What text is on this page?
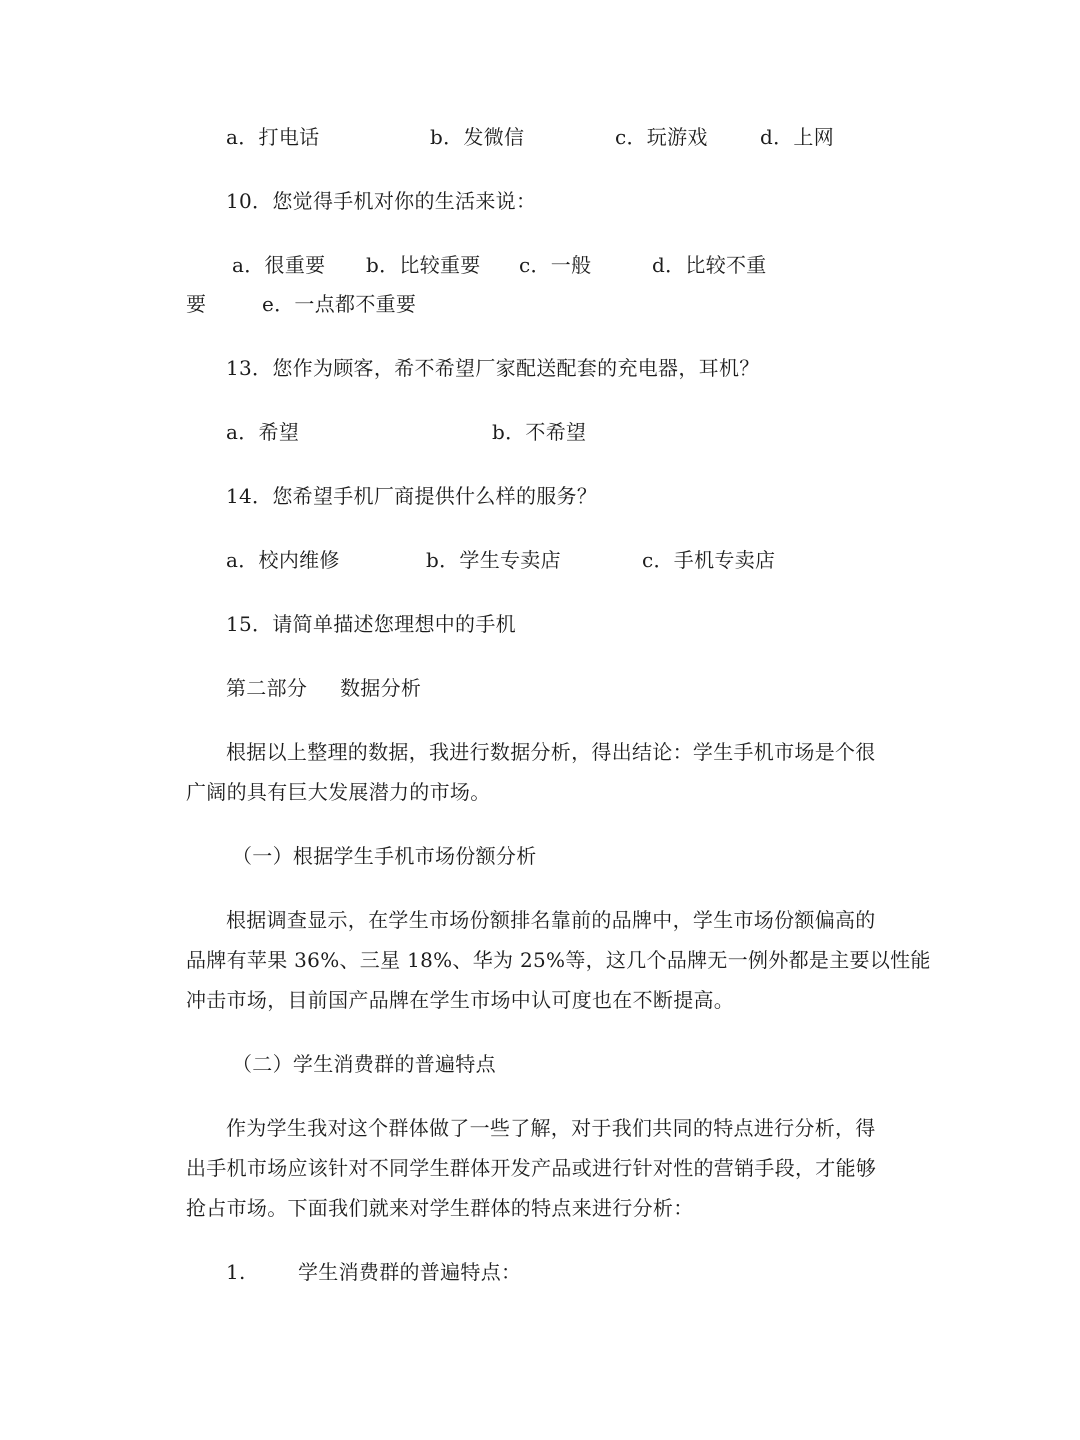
a．打电话	b．发微信	c．玩游戏	d．上网
10．您觉得手机对你的生活来说：
a．很重要 b．比较重要 c．一般	d．比较不重
要	e．一点都不重要
13．您作为顾客，希不希望厂家配送配套的充电器，耳机？
a．希望	b．不希望
14．您希望手机厂商提供什么样的服务？
a．校内维修	b．学生专卖店	c．手机专卖店
15．请简单描述您理想中的手机
第二部分 数据分析
根据以上整理的数据，我进行数据分析，得出结论：学生手机市场是个很
广阔的具有巨大发展潜力的市场。
（一）根据学生手机市场份额分析
根据调查显示，在学生市场份额排名靠前的品牌中，学生市场份额偏高的
品牌有苹果 36%、三星 18%、华为 25%等，这几个品牌无一例外都是主要以性能
冲击市场，目前国产品牌在学生市场中认可度也在不断提高。
（二）学生消费群的普遍特点
作为学生我对这个群体做了一些了解，对于我们共同的特点进行分析，得
出手机市场应该针对不同学生群体开发产品或进行针对性的营销手段，才能够
抢占市场。下面我们就来对学生群体的特点来进行分析：
1.	学生消费群的普遍特点：
